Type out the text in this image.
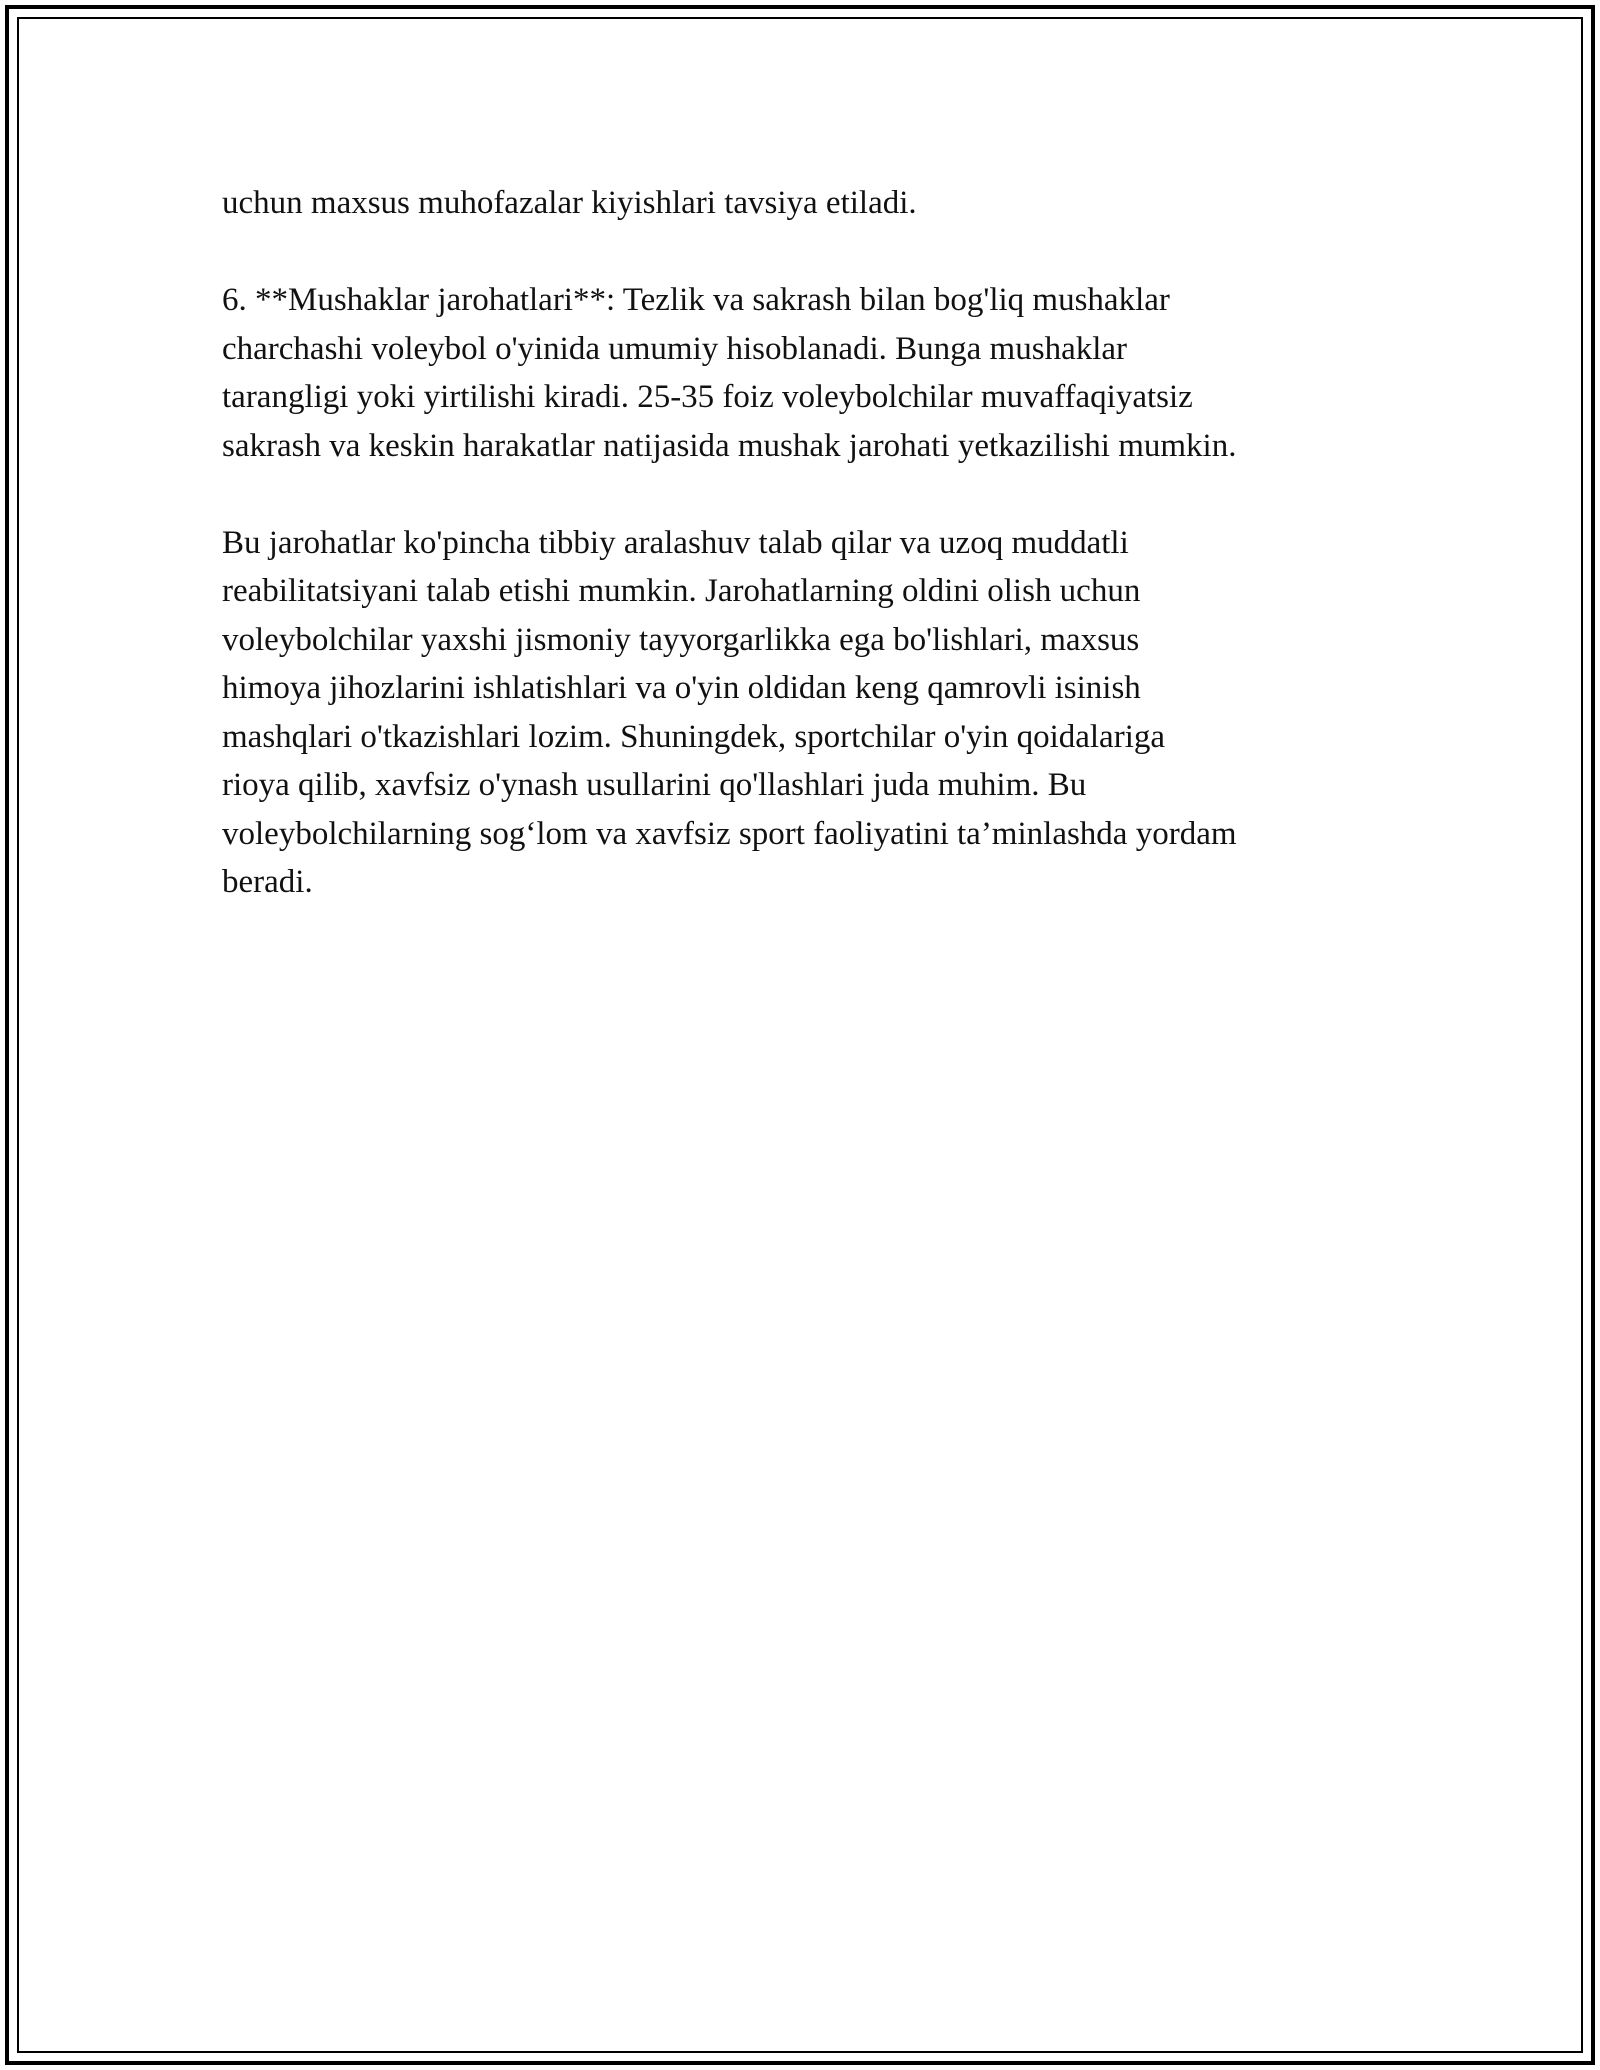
uchun maxsus muhofazalar kiyishlari tavsiya etiladi.

6. **Mushaklar jarohatlari**: Tezlik va sakrash bilan bog'liq mushaklar
charchashi voleybol o'yinida umumiy hisoblanadi. Bunga mushaklar
tarangligi yoki yirtilishi kiradi. 25-35 foiz voleybolchilar muvaffaqiyatsiz
sakrash va keskin harakatlar natijasida mushak jarohati yetkazilishi mumkin.

Bu jarohatlar ko'pincha tibbiy aralashuv talab qilar va uzoq muddatli
reabilitatsiyani talab etishi mumkin. Jarohatlarning oldini olish uchun
voleybolchilar yaxshi jismoniy tayyorgarlikka ega bo'lishlari, maxsus
himoya jihozlarini ishlatishlari va o'yin oldidan keng qamrovli isinish
mashqlari o'tkazishlari lozim. Shuningdek, sportchilar o'yin qoidalariga
rioya qilib, xavfsiz o'ynash usullarini qo'llashlari juda muhim. Bu
voleybolchilarning sog‘lom va xavfsiz sport faoliyatini ta’minlashda yordam
beradi.
